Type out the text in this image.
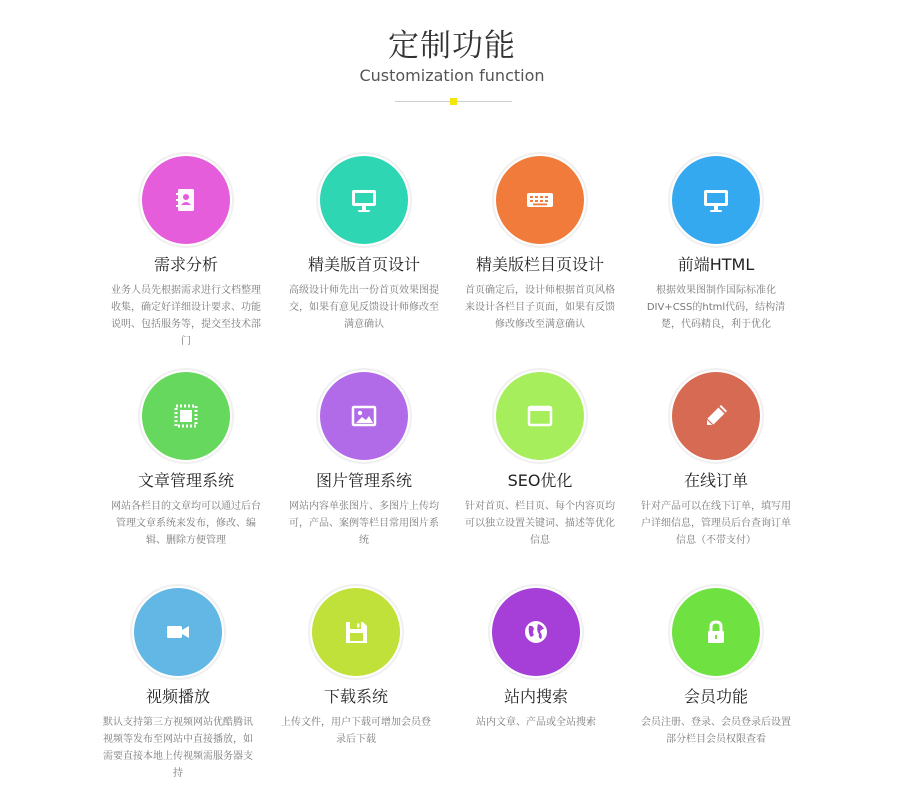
定制功能
Customization function
需求分析
业务人员先根据需求进行文档整理收集，确定好详细设计要求、功能说明、包括服务等，提交至技术部门
精美版首页设计
高级设计师先出一份首页效果图提交，如果有意见反馈设计师修改至满意确认
精美版栏目页设计
首页确定后，设计师根据首页风格来设计各栏目子页面，如果有反馈修改修改至满意确认
前端HTML
根据效果图制作国际标准化DIV+CSS的html代码，结构清楚，代码精良，利于优化
文章管理系统
网站各栏目的文章均可以通过后台管理文章系统来发布，修改、编辑、删除方便管理
图片管理系统
网站内容单张图片、多图片上传均可，产品、案例等栏目常用图片系统
SEO优化
针对首页、栏目页、每个内容页均可以独立设置关键词、描述等优化信息
在线订单
针对产品可以在线下订单，填写用户详细信息，管理员后台查询订单信息（不带支付）
视频播放
默认支持第三方视频网站优酷腾讯视频等发布至网站中直接播放，如需要直接本地上传视频需服务器支持
下载系统
上传文件，用户下载可增加会员登录后下载
站内搜索
站内文章、产品或全站搜索
会员功能
会员注册、登录、会员登录后设置部分栏目会员权限查看
